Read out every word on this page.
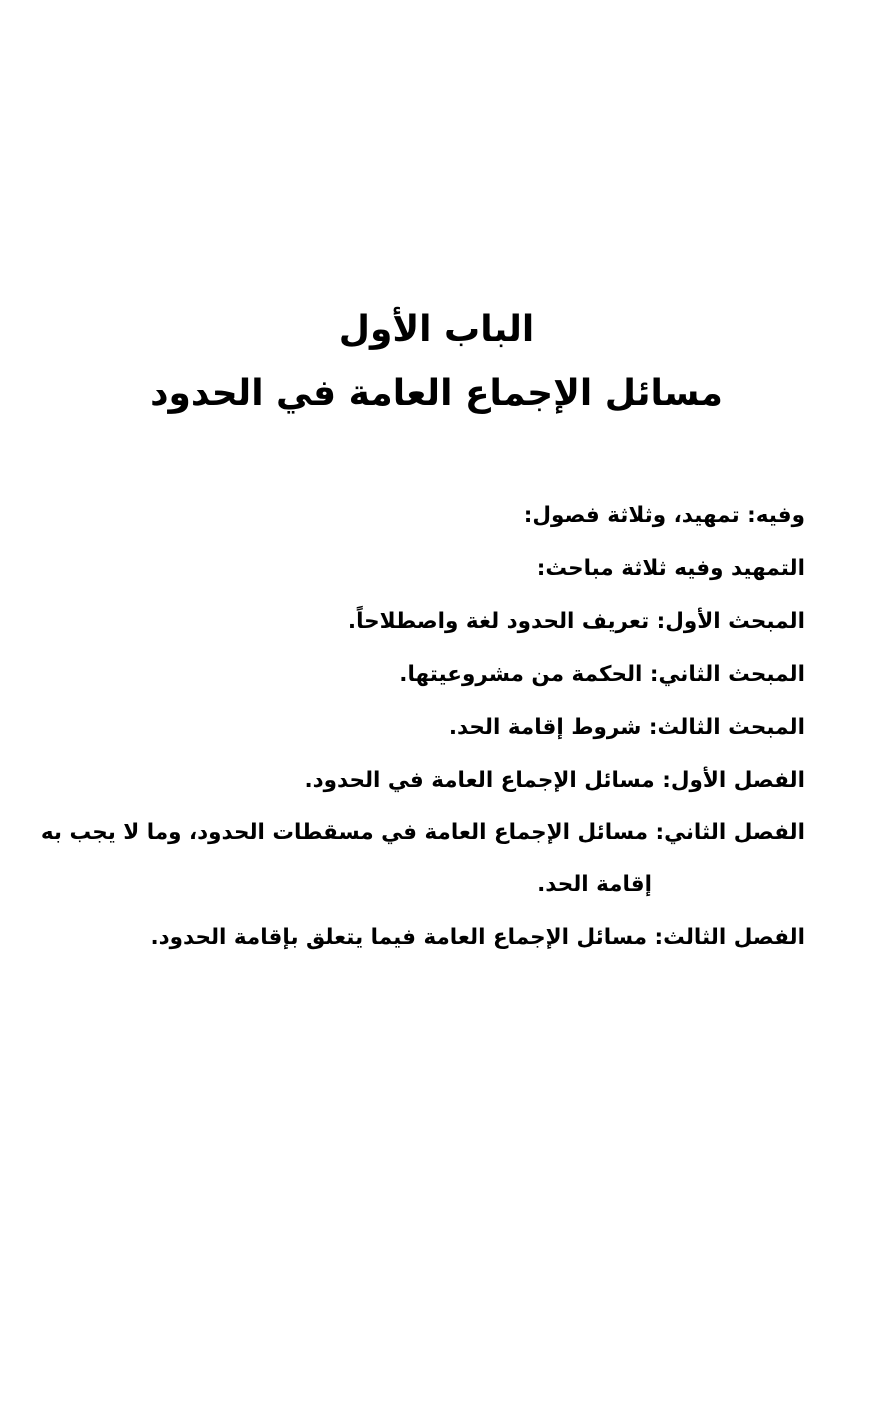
الباب الأول
مسائل الإجماع العامة في الحدود
وفيه: تمهيد، وثلاثة فصول:
التمهيد وفيه ثلاثة مباحث:
المبحث الأول: تعريف الحدود لغة واصطلاحاً.
المبحث الثاني: الحكمة من مشروعيتها.
المبحث الثالث: شروط إقامة الحد.
الفصل الأول: مسائل الإجماع العامة في الحدود.
الفصل الثاني: مسائل الإجماع العامة في مسقطات الحدود، وما لا يجب به
إقامة الحد.
الفصل الثالث: مسائل الإجماع العامة فيما يتعلق بإقامة الحدود.
